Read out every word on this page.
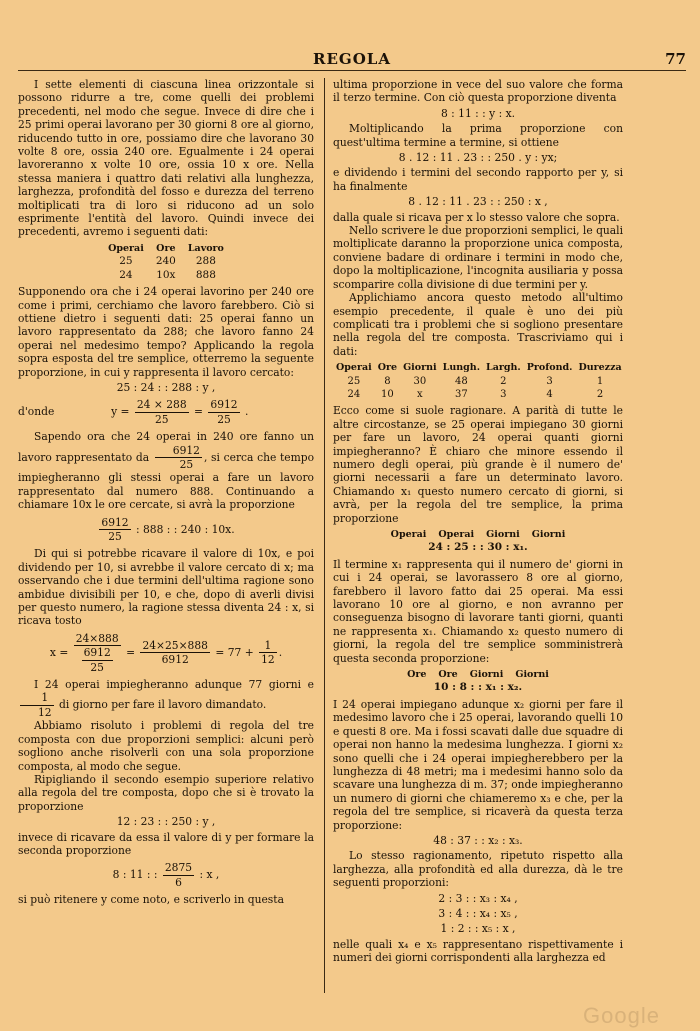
REGOLA	77

I sette elementi di ciascuna linea orizzontale si possono ridurre a tre, come quelli dei problemi precedenti, nel modo che segue. Invece di dire che i 25 primi operai lavorano per 30 giorni 8 ore al giorno, riducendo tutto in ore, possiamo dire che lavorano 30 volte 8 ore, ossia 240 ore. Egualmente i 24 operai lavoreranno x volte 10 ore, ossia 10 x ore. Nella stessa maniera i quattro dati relativi alla lunghezza, larghezza, profondità del fosso e durezza del terreno moltiplicati tra di loro si riducono ad un solo esprimente l'entità del lavoro. Quindi invece dei precedenti, avremo i seguenti dati:

Operai	Ore	Lavoro
25	240	288
24	10x	888

Supponendo ora che i 24 operai lavorino per 240 ore come i primi, cerchiamo che lavoro farebbero. Ciò si ottiene dietro i seguenti dati: 25 operai fanno un lavoro rappresentato da 288; che lavoro fanno 24 operai nel medesimo tempo? Applicando la regola sopra esposta del tre semplice, otterremo la seguente proporzione, in cui y rappresenta il lavoro cercato:

25 : 24 : : 288 : y ,

d'onde	$y = \frac{24 \times 288}{25} = \frac{6912}{25}$ .

Sapendo ora che 24 operai in 240 ore fanno un lavoro rappresentato da $\frac{6912}{25}$ , si cerca che tempo impiegheranno gli stessi operai a fare un lavoro rappresentato dal numero 888. Continuando a chiamare 10x le ore cercate, si avrà la proporzione

$\frac{6912}{25}$ : 888 : : 240 : 10x.

Di qui si potrebbe ricavare il valore di 10x, e poi dividendo per 10, si avrebbe il valore cercato di x; ma osservando che i due termini dell'ultima ragione sono ambidue divisibili per 10, e che, dopo di averli divisi per questo numero, la ragione stessa diventa 24 : x, si ricava tosto

$x = \frac{24\times 888}{\frac{6912}{25}} = \frac{24\times 25\times 888}{6912} = 77 + \frac{1}{12}$ .

I 24 operai impiegheranno adunque 77 giorni e
$\frac{1}{12}$ di giorno per fare il lavoro dimandato.

Abbiamo risoluto i problemi di regola del tre composta con due proporzioni semplici: alcuni però sogliono anche risolverli con una sola proporzione composta, al modo che segue.

Ripigliando il secondo esempio superiore relativo alla regola del tre composta, dopo che si è trovato la proporzione

12 : 23 : : 250 : y ,

invece di ricavare da essa il valore di y per formare la seconda proporzione

8 : 11 : : $\frac{2875}{6}$ : x ,

si può ritenere y come noto, e scriverlo in questa

ultima proporzione in vece del suo valore che forma il terzo termine. Con ciò questa proporzione diventa

8 : 11 : : y : x.

Moltiplicando la prima proporzione con quest'ultima termine a termine, si ottiene

8 . 12 : 11 . 23 : : 250 . y : yx;

e dividendo i termini del secondo rapporto per y, si ha finalmente

8 . 12 : 11 . 23 : : 250 : x ,

dalla quale si ricava per x lo stesso valore che sopra.

Nello scrivere le due proporzioni semplici, le quali moltiplicate daranno la proporzione unica composta, conviene badare di ordinare i termini in modo che, dopo la moltiplicazione, l'incognita ausiliaria y possa scomparire colla divisione di due termini per y.

Applichiamo ancora questo metodo all'ultimo esempio precedente, il quale è uno dei più complicati tra i problemi che si sogliono presentare nella regola del tre composta. Trascriviamo qui i dati:

Operai	Ore	Giorni	Lungh.	Largh.	Profond.	Durezza
25	8	30	48	2	3	1
24	10	x	37	3	4	2

Ecco come si suole ragionare. A parità di tutte le altre circostanze, se 25 operai impiegano 30 giorni per fare un lavoro, 24 operai quanti giorni impiegheranno? È chiaro che minore essendo il numero degli operai, più grande è il numero de' giorni necessarii a fare un determinato lavoro. Chiamando x₁ questo numero cercato di giorni, si avrà, per la regola del tre semplice, la prima proporzione

Operai	Operai	Giorni	Giorni
24 : 25 : : 30 : x₁.

Il termine x₁ rappresenta qui il numero de' giorni in cui i 24 operai, se lavorassero 8 ore al giorno, farebbero il lavoro fatto dai 25 operai. Ma essi lavorano 10 ore al giorno, e non avranno per conseguenza bisogno di lavorare tanti giorni, quanti ne rappresenta x₁. Chiamando x₂ questo numero di giorni, la regola del tre semplice somministrerà questa seconda proporzione:

Ore	Ore	Giorni	Giorni
10 : 8 : : x₁ : x₂.

I 24 operai impiegano adunque x₂ giorni per fare il medesimo lavoro che i 25 operai, lavorando quelli 10 e questi 8 ore. Ma i fossi scavati dalle due squadre di operai non hanno la medesima lunghezza. I giorni x₂ sono quelli che i 24 operai impiegherebbero per la lunghezza di 48 metri; ma i medesimi hanno solo da scavare una lunghezza di m. 37; onde impiegheranno un numero di giorni che chiameremo x₃ e che, per la regola del tre semplice, si ricaverà da questa terza proporzione:

48 : 37 : : x₂ : x₃.

Lo stesso ragionamento, ripetuto rispetto alla larghezza, alla profondità ed alla durezza, dà le tre seguenti proporzioni:

2 : 3 : : x₃ : x₄ ,

3 : 4 : : x₄ : x₅ ,

1 : 2 : : x₅ : x ,

nelle quali x₄ e x₅ rappresentano rispettivamente i numeri dei giorni corrispondenti alla larghezza ed

Google
